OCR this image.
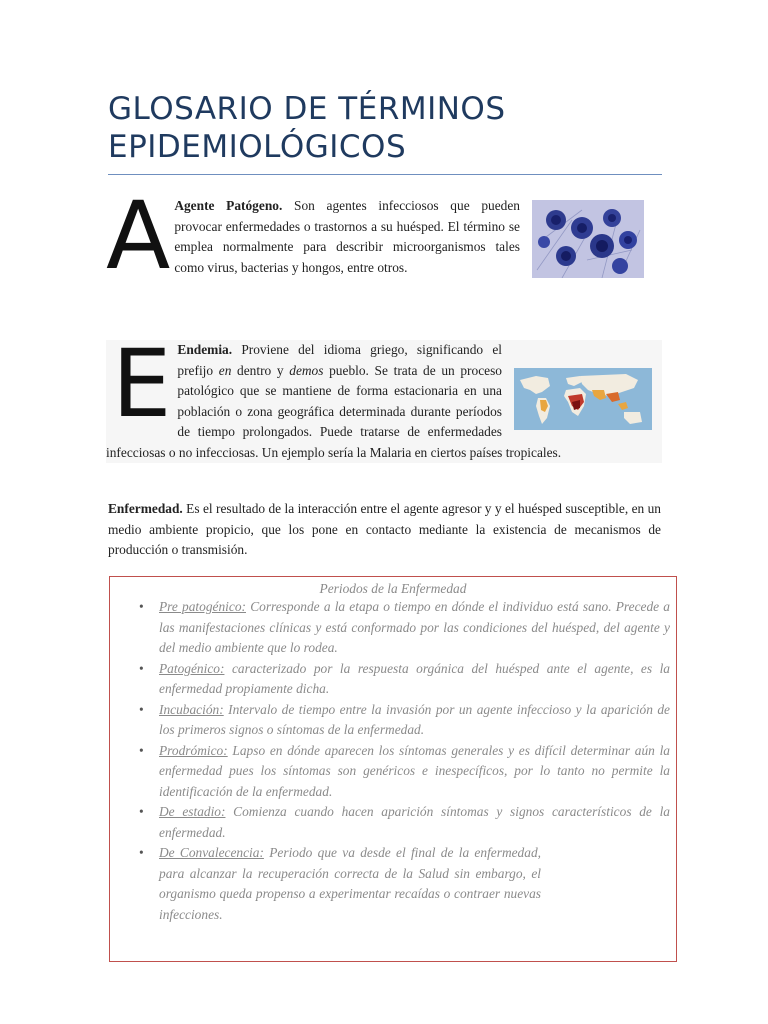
GLOSARIO DE TÉRMINOS EPIDEMIOLÓGICOS
A Agente Patógeno. Son agentes infecciosos que pueden provocar enfermedades o trastornos a su huésped. El término se emplea normalmente para describir microorganismos tales como virus, bacterias y hongos, entre otros.
E Endemia. Proviene del idioma griego, significando el prefijo en dentro y demos pueblo. Se trata de un proceso patológico que se mantiene de forma estacionaria en una población o zona geográfica determinada durante períodos de tiempo prolongados. Puede tratarse de enfermedades infecciosas o no infecciosas. Un ejemplo sería la Malaria en ciertos países tropicales.
Enfermedad. Es el resultado de la interacción entre el agente agresor y y el huésped susceptible, en un medio ambiente propicio, que los pone en contacto mediante la existencia de mecanismos de producción o transmisión.
Periodos de la Enfermedad
• Pre patogénico: Corresponde a la etapa o tiempo en dónde el individuo está sano. Precede a las manifestaciones clínicas y está conformado por las condiciones del huésped, del agente y del medio ambiente que lo rodea.
• Patogénico: caracterizado por la respuesta orgánica del huésped ante el agente, es la enfermedad propiamente dicha.
• Incubación: Intervalo de tiempo entre la invasión por un agente infeccioso y la aparición de los primeros signos o síntomas de la enfermedad.
• Prodrómico: Lapso en dónde aparecen los síntomas generales y es difícil determinar aún la enfermedad pues los síntomas son genéricos e inespecíficos, por lo tanto no permite la identificación de la enfermedad.
• De estadio: Comienza cuando hacen aparición síntomas y signos característicos de la enfermedad.
• De Convalecencia: Periodo que va desde el final de la enfermedad, para alcanzar la recuperación correcta de la Salud sin embargo, el organismo queda propenso a experimentar recaídas o contraer nuevas infecciones.
